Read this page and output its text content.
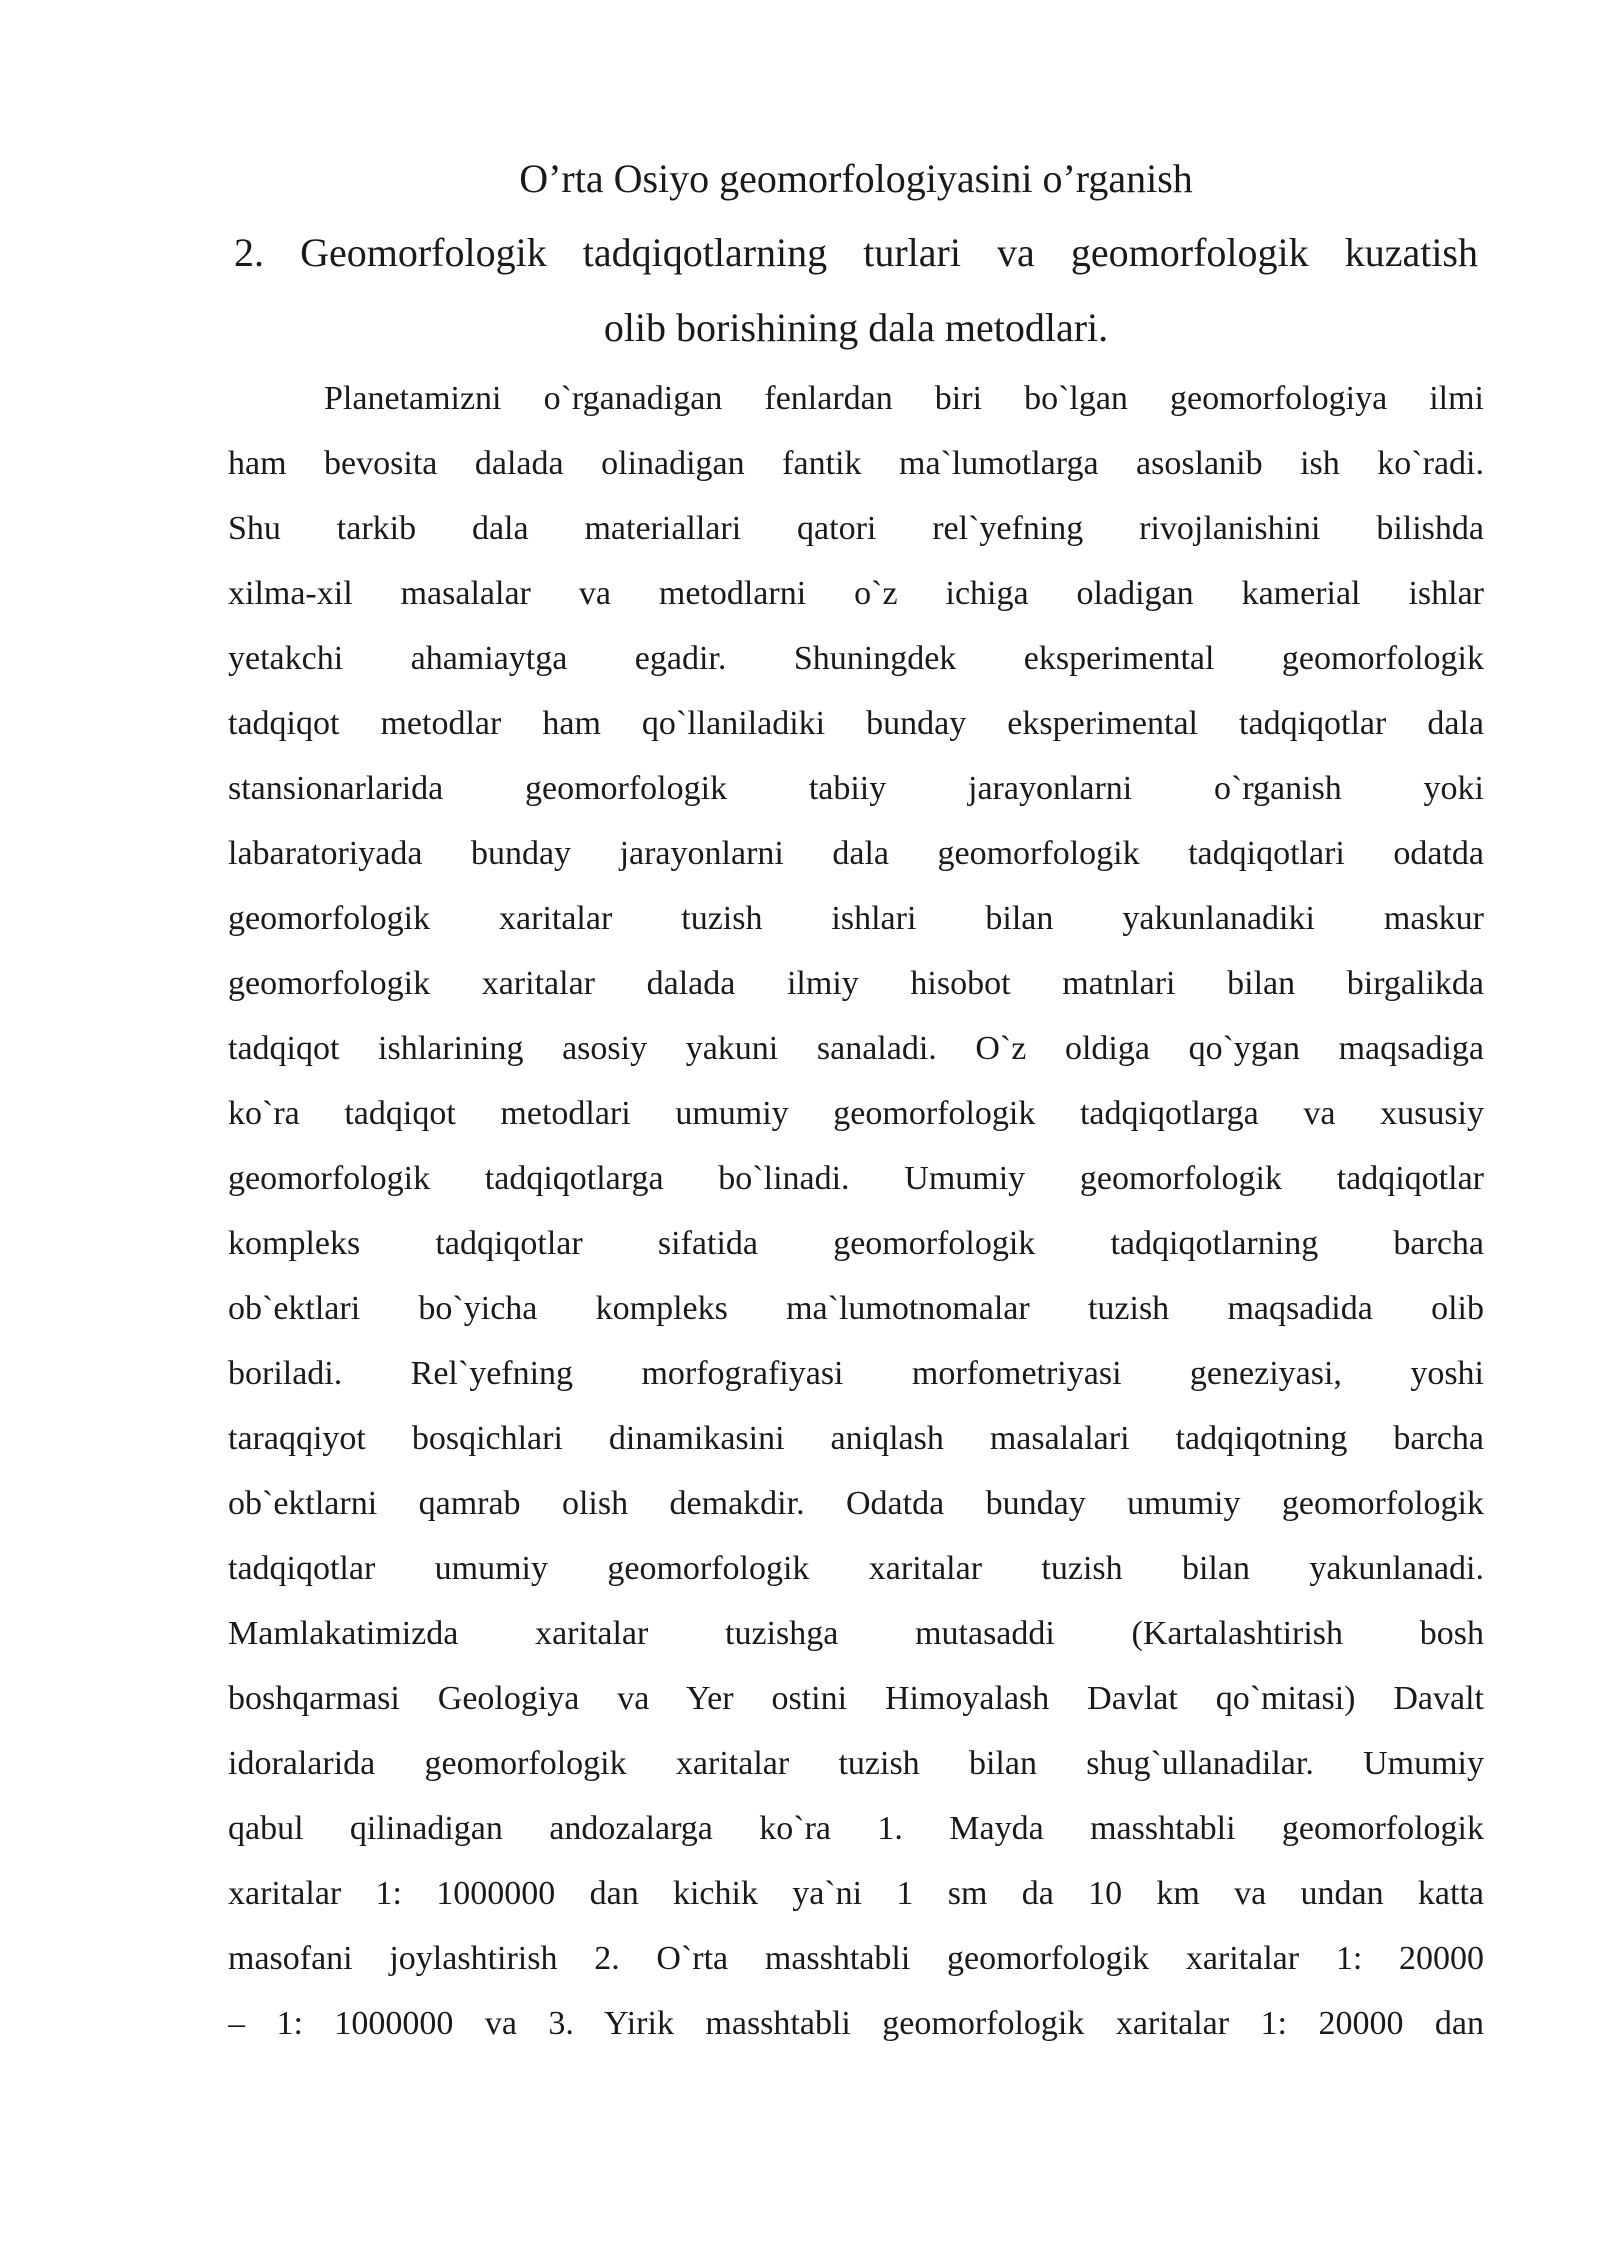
O’rta Osiyo geomorfologiyasini o’rganish
2. Geomorfologik tadqiqotlarning turlari va geomorfologik kuzatish
olib borishining dala metodlari.
Planetamizni o`rganadigan fenlardan biri bo`lgan geomorfologiya ilmi
ham bevosita dalada olinadigan fantik ma`lumotlarga asoslanib ish ko`radi.
Shu tarkib dala materiallari qatori rel`yefning rivojlanishini bilishda
xilma-xil masalalar va metodlarni o`z ichiga oladigan kamerial ishlar
yetakchi ahamiaytga egadir. Shuningdek eksperimental geomorfologik
tadqiqot metodlar ham qo`llaniladiki bunday eksperimental tadqiqotlar dala
stansionarlarida geomorfologik tabiiy jarayonlarni o`rganish yoki
labaratoriyada bunday jarayonlarni dala geomorfologik tadqiqotlari odatda
geomorfologik xaritalar tuzish ishlari bilan yakunlanadiki maskur
geomorfologik xaritalar dalada ilmiy hisobot matnlari bilan birgalikda
tadqiqot ishlarining asosiy yakuni sanaladi. O`z oldiga qo`ygan maqsadiga
ko`ra tadqiqot metodlari umumiy geomorfologik tadqiqotlarga va xususiy
geomorfologik tadqiqotlarga bo`linadi. Umumiy geomorfologik tadqiqotlar
kompleks tadqiqotlar sifatida geomorfologik tadqiqotlarning barcha
ob`ektlari bo`yicha kompleks ma`lumotnomalar tuzish maqsadida olib
boriladi. Rel`yefning morfografiyasi morfometriyasi geneziyasi, yoshi
taraqqiyot bosqichlari dinamikasini aniqlash masalalari tadqiqotning barcha
ob`ektlarni qamrab olish demakdir. Odatda bunday umumiy geomorfologik
tadqiqotlar umumiy geomorfologik xaritalar tuzish bilan yakunlanadi.
Mamlakatimizda xaritalar tuzishga mutasaddi (Kartalashtirish bosh
boshqarmasi Geologiya va Yer ostini Himoyalash Davlat qo`mitasi) Davalt
idoralarida geomorfologik xaritalar tuzish bilan shug`ullanadilar. Umumiy
qabul qilinadigan andozalarga ko`ra 1. Mayda masshtabli geomorfologik
xaritalar 1: 1000000 dan kichik ya`ni 1 sm da 10 km va undan katta
masofani joylashtirish 2. O`rta masshtabli geomorfologik xaritalar 1: 20000
– 1: 1000000 va 3. Yirik masshtabli geomorfologik xaritalar 1: 20000 dan
